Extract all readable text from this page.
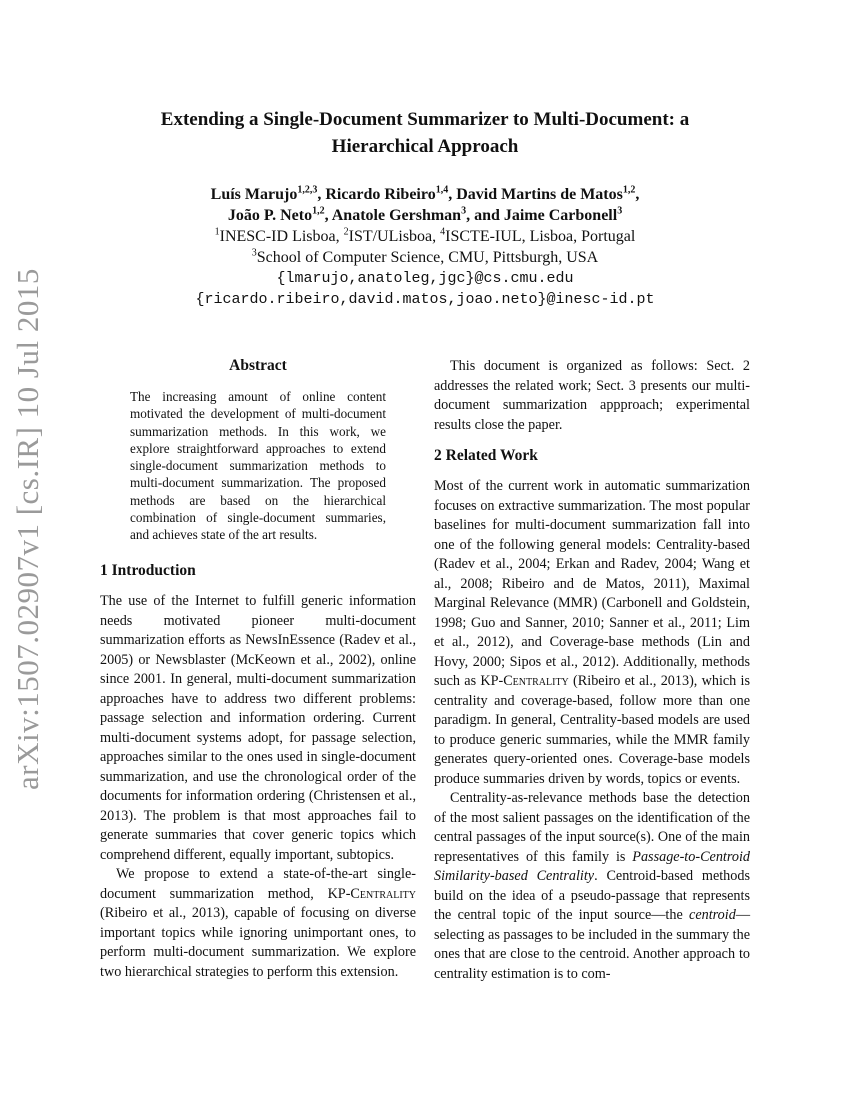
arXiv:1507.02907v1 [cs.IR] 10 Jul 2015
Extending a Single-Document Summarizer to Multi-Document: a
Hierarchical Approach
Luís Marujo$^{1,2,3}$, Ricardo Ribeiro$^{1,4}$, David Martins de Matos$^{1,2}$,
João P. Neto$^{1,2}$, Anatole Gershman$^3$, and Jaime Carbonell$^3$
$^1$INESC-ID Lisboa, $^2$IST/ULisboa, $^4$ISCTE-IUL, Lisboa, Portugal
$^3$School of Computer Science, CMU, Pittsburgh, USA
{lmarujo,anatoleg,jgc}@cs.cmu.edu
{ricardo.ribeiro,david.matos,joao.neto}@inesc-id.pt
Abstract
The increasing amount of online content motivated the development of multi-document summarization methods. In this work, we explore straightforward approaches to extend single-document summarization methods to multi-document summarization. The proposed methods are based on the hierarchical combination of single-document summaries, and achieves state of the art results.
1 Introduction

The use of the Internet to fulfill generic information needs motivated pioneer multi-document summarization efforts as NewsInEssence (Radev et al., 2005) or Newsblaster (McKeown et al., 2002), online since 2001. In general, multi-document summarization approaches have to address two different problems: passage selection and information ordering. Current multi-document systems adopt, for passage selection, approaches similar to the ones used in single-document summarization, and use the chronological order of the documents for information ordering (Christensen et al., 2013). The problem is that most approaches fail to generate summaries that cover generic topics which comprehend different, equally important, subtopics.

We propose to extend a state-of-the-art single-document summarization method, KP-Centrality (Ribeiro et al., 2013), capable of focusing on diverse important topics while ignoring unimportant ones, to perform multi-document summarization. We explore two hierarchical strategies to perform this extension.

This document is organized as follows: Sect. 2 addresses the related work; Sect. 3 presents our multi-document summarization appproach; experimental results close the paper.

2 Related Work

Most of the current work in automatic summarization focuses on extractive summarization. The most popular baselines for multi-document summarization fall into one of the following general models: Centrality-based (Radev et al., 2004; Erkan and Radev, 2004; Wang et al., 2008; Ribeiro and de Matos, 2011), Maximal Marginal Relevance (MMR) (Carbonell and Goldstein, 1998; Guo and Sanner, 2010; Sanner et al., 2011; Lim et al., 2012), and Coverage-base methods (Lin and Hovy, 2000; Sipos et al., 2012). Additionally, methods such as KP-Centrality (Ribeiro et al., 2013), which is centrality and coverage-based, follow more than one paradigm. In general, Centrality-based models are used to produce generic summaries, while the MMR family generates query-oriented ones. Coverage-base models produce summaries driven by words, topics or events.

Centrality-as-relevance methods base the detection of the most salient passages on the identification of the central passages of the input source(s). One of the main representatives of this family is Passage-to-Centroid Similarity-based Centrality. Centroid-based methods build on the idea of a pseudo-passage that represents the central topic of the input source—the centroid—selecting as passages to be included in the summary the ones that are close to the centroid. Another approach to centrality estimation is to com-
